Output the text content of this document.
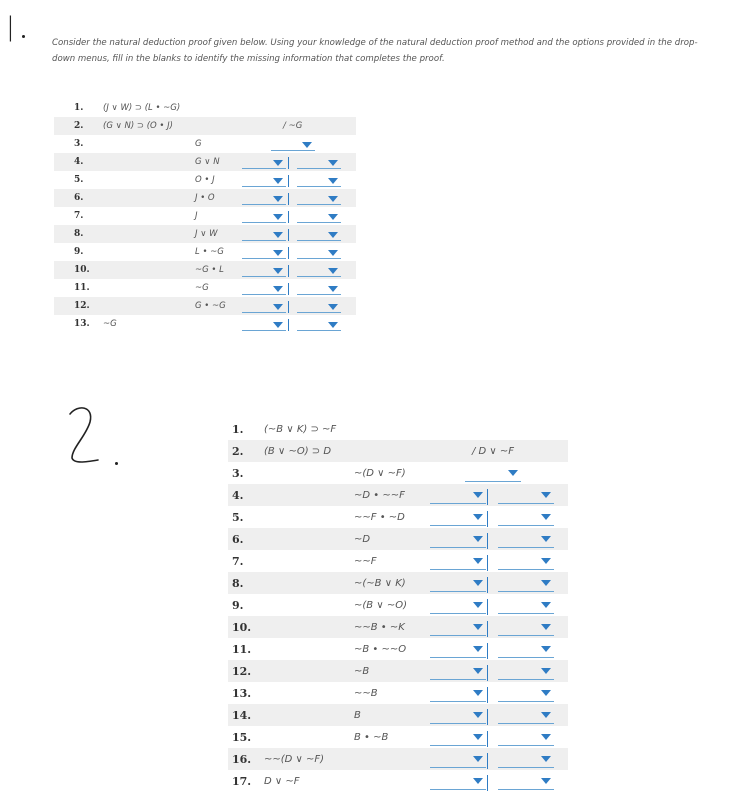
|
Consider the natural deduction proof given below. Using your knowledge of the natural deduction proof method and the options provided in the drop-down menus, fill in the blanks to identify the missing information that completes the proof.
1. (J ∨ W) ⊃ (L • ~G)
2. (G ∨ N) ⊃ (O • J)	/ ~G
3.	G
4.	G ∨ N
5.	O • J
6.	J • O
7.	J
8.	J ∨ W
9.	L • ~G
10.	~G • L
11.	~G
12.	G • ~G
13. ~G
1. (~B ∨ K) ⊃ ~F
2. (B ∨ ~O) ⊃ D	/ D ∨ ~F
3.	~(D ∨ ~F)
4.	~D • ~~F
5.	~~F • ~D
6.	~D
7.	~~F
8.	~(~B ∨ K)
9.	~(B ∨ ~O)
10.	~~B • ~K
11.	~B • ~~O
12.	~B
13.	~~B
14.	B
15.	B • ~B
16. ~~(D ∨ ~F)
17. D ∨ ~F
